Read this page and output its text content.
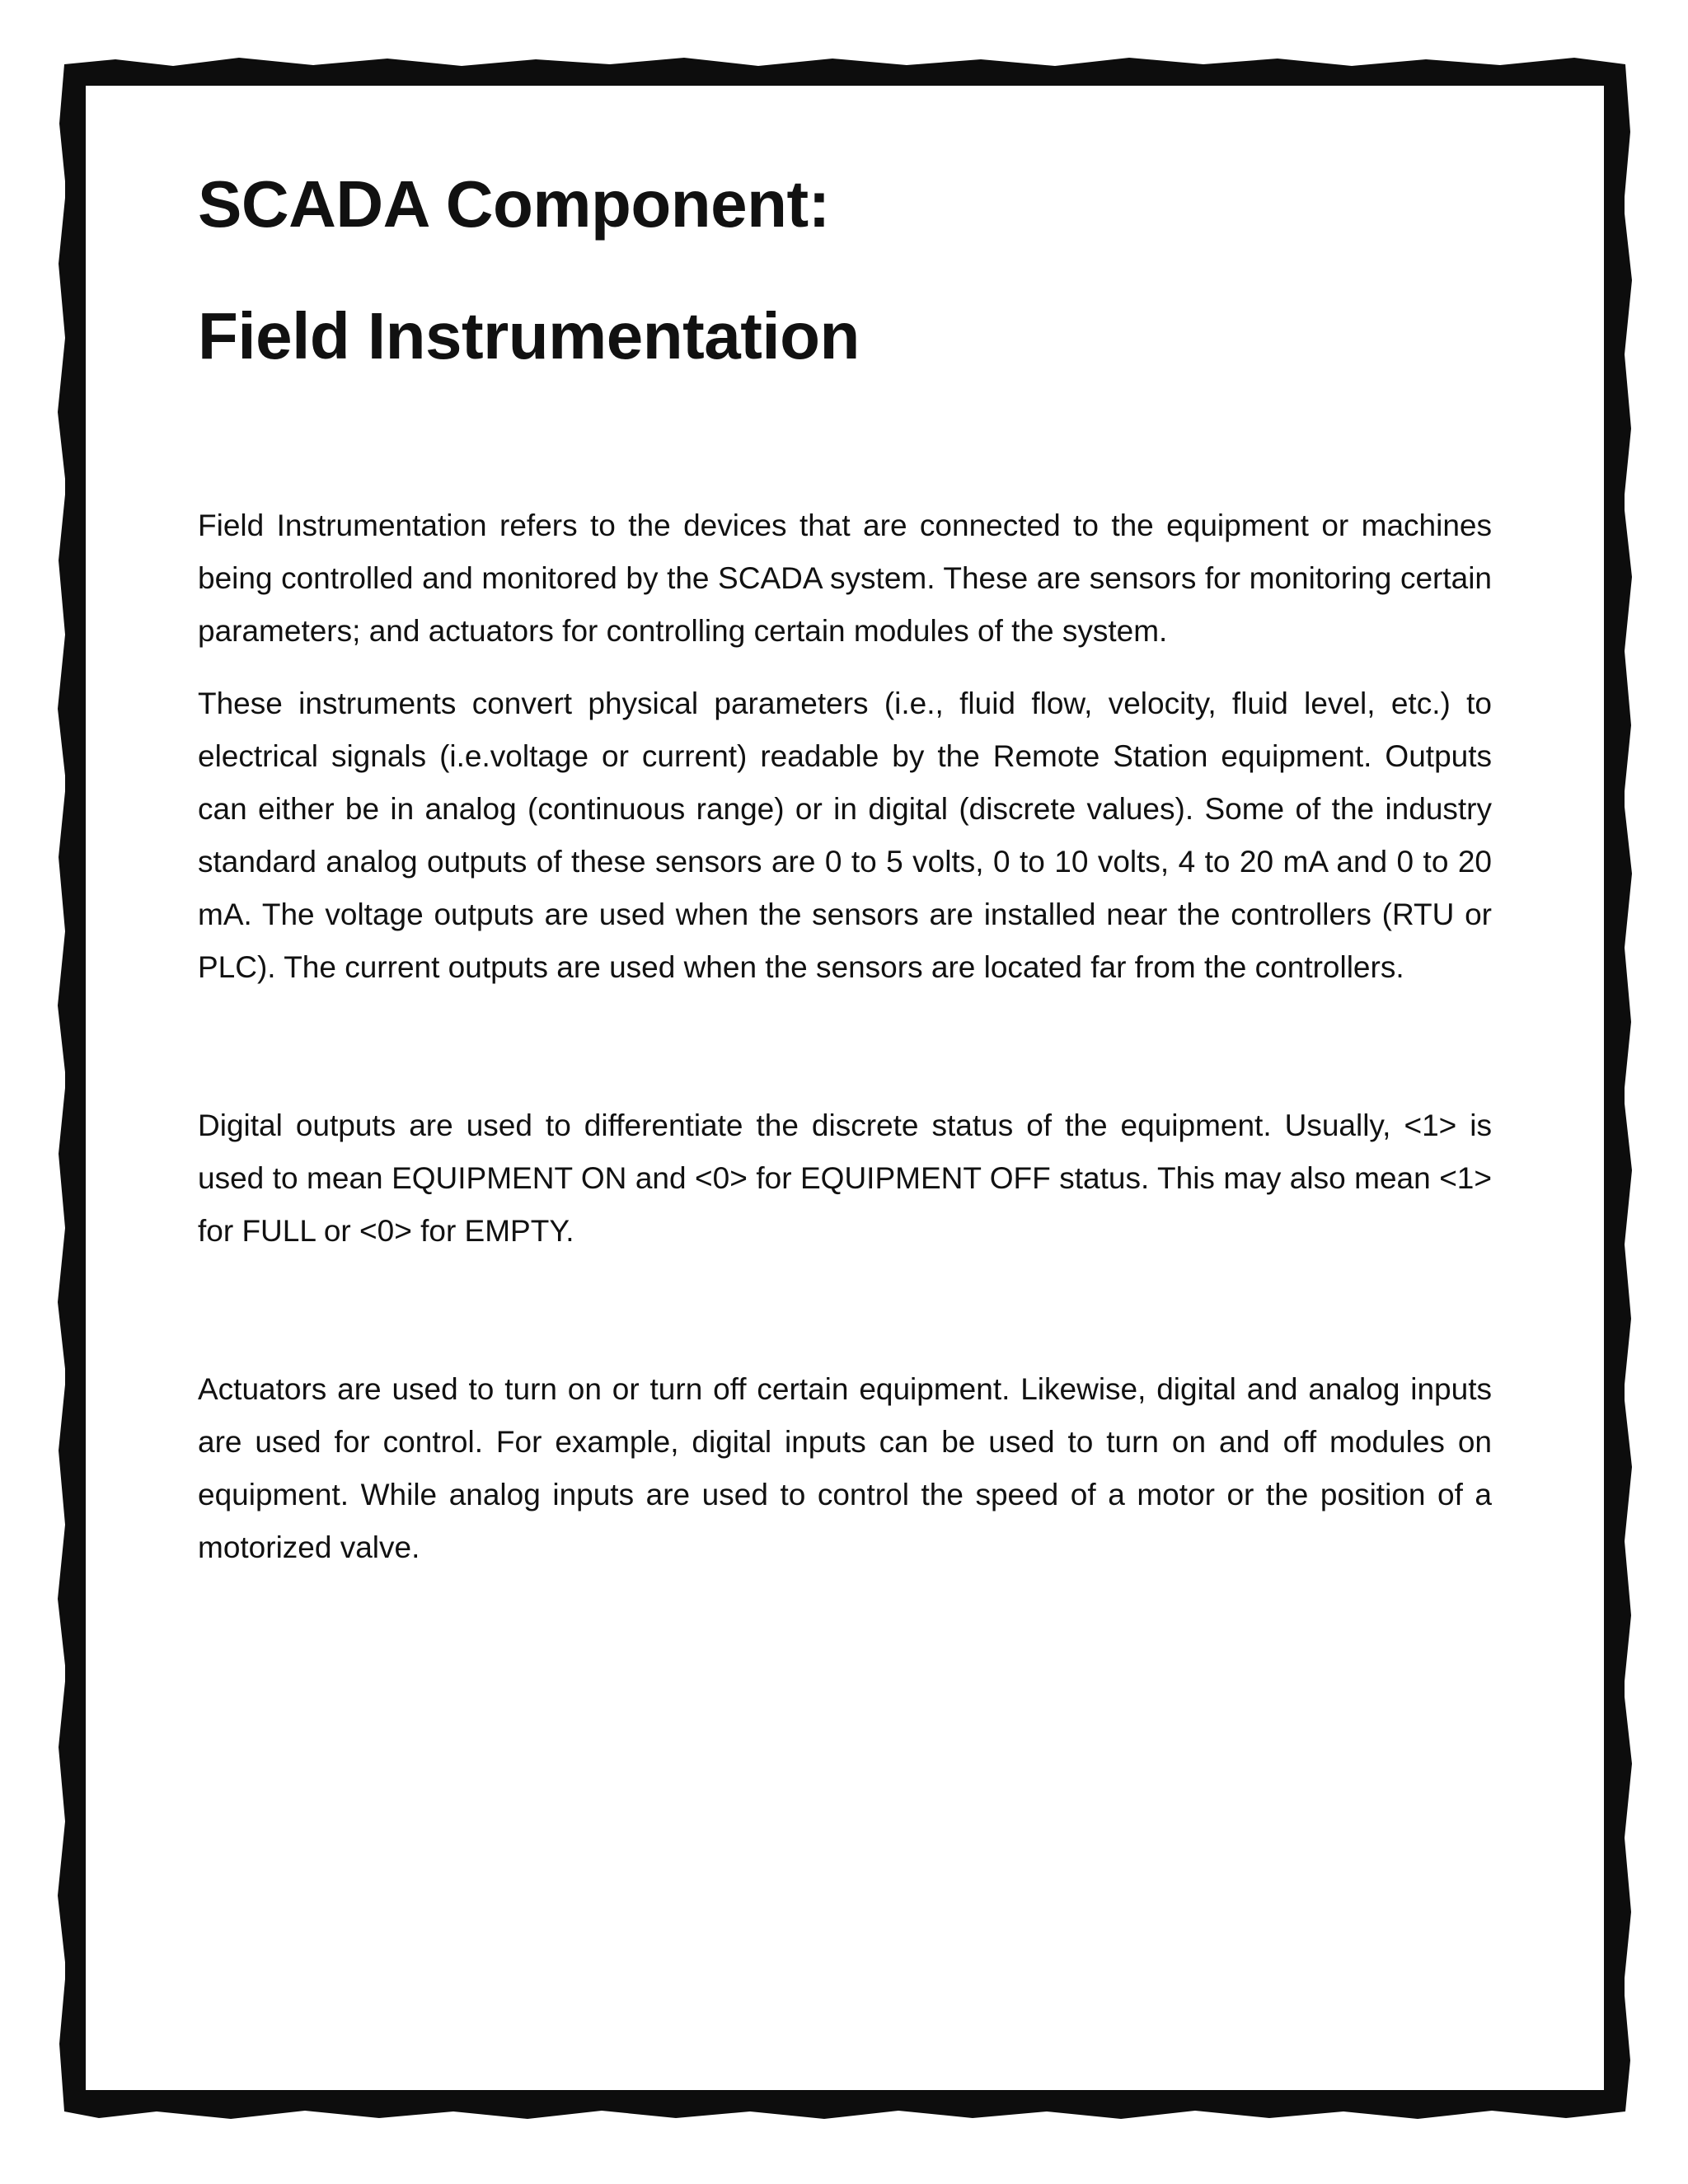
SCADA Component:
Field Instrumentation

Field Instrumentation refers to the devices that are connected to the equipment or machines being controlled and monitored by the SCADA system. These are sensors for monitoring certain parameters; and actuators for controlling certain modules of the system.

These instruments convert physical parameters (i.e., fluid flow, velocity, fluid level, etc.) to electrical signals (i.e.voltage or current) readable by the Remote Station equipment. Outputs can either be in analog (continuous range) or in digital (discrete values). Some of the industry standard analog outputs of these sensors are 0 to 5 volts, 0 to 10 volts, 4 to 20 mA and 0 to 20 mA. The voltage outputs are used when the sensors are installed near the controllers (RTU or PLC). The current outputs are used when the sensors are located far from the controllers.

Digital outputs are used to differentiate the discrete status of the equipment. Usually, <1> is used to mean EQUIPMENT ON and <0> for EQUIPMENT OFF status. This may also mean <1> for FULL or <0> for EMPTY.

Actuators are used to turn on or turn off certain equipment. Likewise, digital and analog inputs are used for control. For example, digital inputs can be used to turn on and off modules on equipment. While analog inputs are used to control the speed of a motor or the position of a motorized valve.
